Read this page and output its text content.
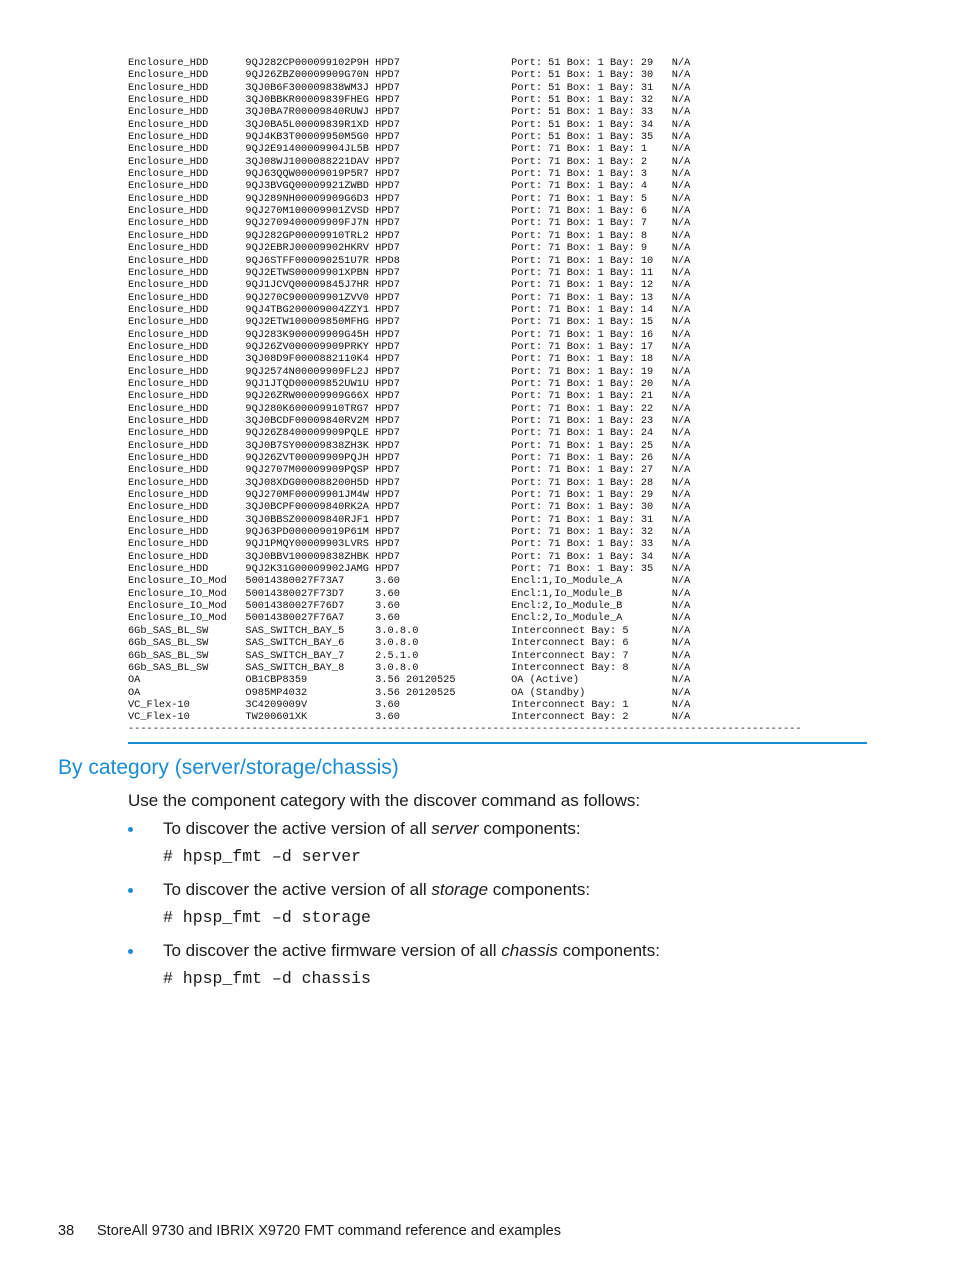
Enclosure_HDD      9QJ282CP000099102P9H HPD7                  Port: 51 Box: 1 Bay: 29   N/A
Enclosure_HDD      9QJ26ZBZ00009909G70N HPD7                  Port: 51 Box: 1 Bay: 30   N/A
Enclosure_HDD      3QJ0B6F300009838WM3J HPD7                  Port: 51 Box: 1 Bay: 31   N/A
Enclosure_HDD      3QJ0BBKR00009839FHEG HPD7                  Port: 51 Box: 1 Bay: 32   N/A
Enclosure_HDD      3QJ0BA7R00009840RUWJ HPD7                  Port: 51 Box: 1 Bay: 33   N/A
Enclosure_HDD      3QJ0BA5L00009839R1XD HPD7                  Port: 51 Box: 1 Bay: 34   N/A
Enclosure_HDD      9QJ4KB3T00009950M5G0 HPD7                  Port: 51 Box: 1 Bay: 35   N/A
Enclosure_HDD      9QJ2E91400009904JL5B HPD7                  Port: 71 Box: 1 Bay: 1    N/A
Enclosure_HDD      3QJ08WJ1000088221DAV HPD7                  Port: 71 Box: 1 Bay: 2    N/A
Enclosure_HDD      9QJ63QQW00009019P5R7 HPD7                  Port: 71 Box: 1 Bay: 3    N/A
Enclosure_HDD      9QJ3BVGQ00009921ZWBD HPD7                  Port: 71 Box: 1 Bay: 4    N/A
Enclosure_HDD      9QJ289NH00009909G6D3 HPD7                  Port: 71 Box: 1 Bay: 5    N/A
Enclosure_HDD      9QJ270M100009901ZVSD HPD7                  Port: 71 Box: 1 Bay: 6    N/A
Enclosure_HDD      9QJ2709400009909FJ7N HPD7                  Port: 71 Box: 1 Bay: 7    N/A
Enclosure_HDD      9QJ282GP00009910TRL2 HPD7                  Port: 71 Box: 1 Bay: 8    N/A
Enclosure_HDD      9QJ2EBRJ00009902HKRV HPD7                  Port: 71 Box: 1 Bay: 9    N/A
Enclosure_HDD      9QJ6STFF000090251U7R HPD8                  Port: 71 Box: 1 Bay: 10   N/A
Enclosure_HDD      9QJ2ETWS00009901XPBN HPD7                  Port: 71 Box: 1 Bay: 11   N/A
Enclosure_HDD      9QJ1JCVQ00009845J7HR HPD7                  Port: 71 Box: 1 Bay: 12   N/A
Enclosure_HDD      9QJ270C900009901ZVV0 HPD7                  Port: 71 Box: 1 Bay: 13   N/A
Enclosure_HDD      9QJ4TBG200009004ZZY1 HPD7                  Port: 71 Box: 1 Bay: 14   N/A
Enclosure_HDD      9QJ2ETW100009850MFHG HPD7                  Port: 71 Box: 1 Bay: 15   N/A
Enclosure_HDD      9QJ283K900009909G45H HPD7                  Port: 71 Box: 1 Bay: 16   N/A
Enclosure_HDD      9QJ26ZV000009909PRKY HPD7                  Port: 71 Box: 1 Bay: 17   N/A
Enclosure_HDD      3QJ08D9F0000882110K4 HPD7                  Port: 71 Box: 1 Bay: 18   N/A
Enclosure_HDD      9QJ2574N00009909FL2J HPD7                  Port: 71 Box: 1 Bay: 19   N/A
Enclosure_HDD      9QJ1JTQD00009852UW1U HPD7                  Port: 71 Box: 1 Bay: 20   N/A
Enclosure_HDD      9QJ26ZRW00009909G66X HPD7                  Port: 71 Box: 1 Bay: 21   N/A
Enclosure_HDD      9QJ280K600009910TRG7 HPD7                  Port: 71 Box: 1 Bay: 22   N/A
Enclosure_HDD      3QJ0BCDF00009840RV2M HPD7                  Port: 71 Box: 1 Bay: 23   N/A
Enclosure_HDD      9QJ26Z8400009909PQLE HPD7                  Port: 71 Box: 1 Bay: 24   N/A
Enclosure_HDD      3QJ0B7SY00009838ZH3K HPD7                  Port: 71 Box: 1 Bay: 25   N/A
Enclosure_HDD      9QJ26ZVT00009909PQJH HPD7                  Port: 71 Box: 1 Bay: 26   N/A
Enclosure_HDD      9QJ2707M00009909PQSP HPD7                  Port: 71 Box: 1 Bay: 27   N/A
Enclosure_HDD      3QJ08XDG000088200H5D HPD7                  Port: 71 Box: 1 Bay: 28   N/A
Enclosure_HDD      9QJ270MF00009901JM4W HPD7                  Port: 71 Box: 1 Bay: 29   N/A
Enclosure_HDD      3QJ0BCPF00009840RK2A HPD7                  Port: 71 Box: 1 Bay: 30   N/A
Enclosure_HDD      3QJ0BBSZ00009840RJF1 HPD7                  Port: 71 Box: 1 Bay: 31   N/A
Enclosure_HDD      9QJ63PD000009019P61M HPD7                  Port: 71 Box: 1 Bay: 32   N/A
Enclosure_HDD      9QJ1PMQY00009903LVRS HPD7                  Port: 71 Box: 1 Bay: 33   N/A
Enclosure_HDD      3QJ0BBV100009838ZHBK HPD7                  Port: 71 Box: 1 Bay: 34   N/A
Enclosure_HDD      9QJ2K31G00009902JAMG HPD7                  Port: 71 Box: 1 Bay: 35   N/A
Enclosure_IO_Mod   50014380027F73A7     3.60                  Encl:1,Io_Module_A        N/A
Enclosure_IO_Mod   50014380027F73D7     3.60                  Encl:1,Io_Module_B        N/A
Enclosure_IO_Mod   50014380027F76D7     3.60                  Encl:2,Io_Module_B        N/A
Enclosure_IO_Mod   50014380027F76A7     3.60                  Encl:2,Io_Module_A        N/A
6Gb_SAS_BL_SW      SAS_SWITCH_BAY_5     3.0.8.0               Interconnect Bay: 5       N/A
6Gb_SAS_BL_SW      SAS_SWITCH_BAY_6     3.0.8.0               Interconnect Bay: 6       N/A
6Gb_SAS_BL_SW      SAS_SWITCH_BAY_7     2.5.1.0               Interconnect Bay: 7       N/A
6Gb_SAS_BL_SW      SAS_SWITCH_BAY_8     3.0.8.0               Interconnect Bay: 8       N/A
OA                 OB1CBP8359           3.56 20120525         OA (Active)               N/A
OA                 O985MP4032           3.56 20120525         OA (Standby)              N/A
VC_Flex-10         3C4209009V           3.60                  Interconnect Bay: 1       N/A
VC_Flex-10         TW200601XK           3.60                  Interconnect Bay: 2       N/A
-------------------------------------------------------------------------------------------------------------
By category (server/storage/chassis)
Use the component category with the discover command as follows:
To discover the active version of all server components:
# hpsp_fmt –d server
To discover the active version of all storage components:
# hpsp_fmt –d storage
To discover the active firmware version of all chassis components:
# hpsp_fmt –d chassis
38 StoreAll 9730 and IBRIX X9720 FMT command reference and examples
